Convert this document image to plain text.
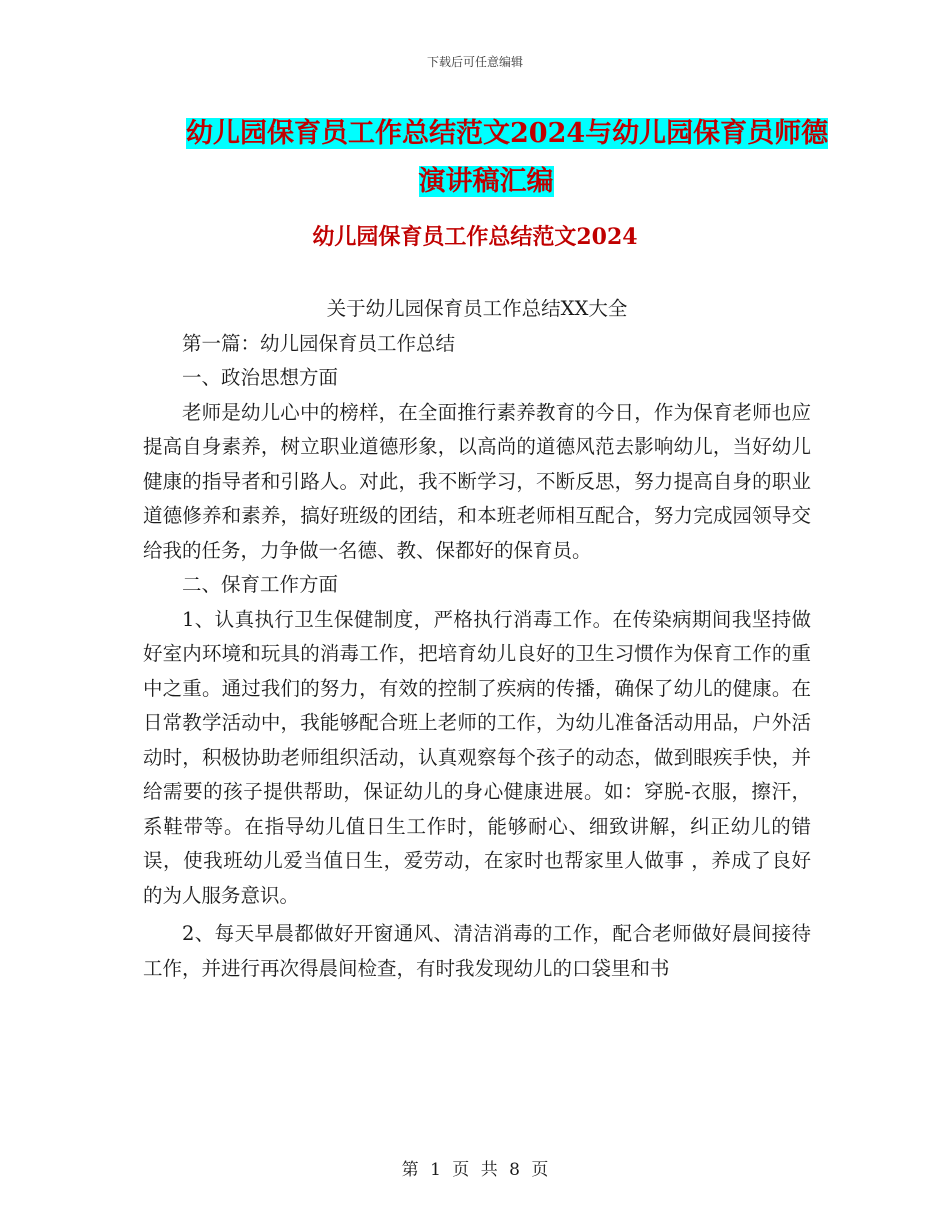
下载后可任意编辑
幼儿园保育员工作总结范文2024与幼儿园保育员师德
演讲稿汇编
幼儿园保育员工作总结范文2024

关于幼儿园保育员工作总结XX大全

第一篇：幼儿园保育员工作总结

一、政治思想方面

老师是幼儿心中的榜样，在全面推行素养教育的今日，作为保育老师也应提高自身素养，树立职业道德形象，以高尚的道德风范去影响幼儿，当好幼儿健康的指导者和引路人。对此，我不断学习，不断反思，努力提高自身的职业道德修养和素养，搞好班级的团结，和本班老师相互配合，努力完成园领导交给我的任务，力争做一名德、教、保都好的保育员。

二、保育工作方面

1、认真执行卫生保健制度，严格执行消毒工作。在传染病期间我坚持做好室内环境和玩具的消毒工作，把培育幼儿良好的卫生习惯作为保育工作的重中之重。通过我们的努力，有效的控制了疾病的传播，确保了幼儿的健康。在日常教学活动中，我能够配合班上老师的工作，为幼儿准备活动用品，户外活动时，积极协助老师组织活动，认真观察每个孩子的动态，做到眼疾手快，并给需要的孩子提供帮助，保证幼儿的身心健康进展。如：穿脱-衣服，擦汗，系鞋带等。在指导幼儿值日生工作时，能够耐心、细致讲解，纠正幼儿的错误，使我班幼儿爱当值日生，爱劳动，在家时也帮家里人做事 ，养成了良好的为人服务意识。

2、每天早晨都做好开窗通风、清洁消毒的工作，配合老师做好晨间接待工作，并进行再次得晨间检查，有时我发现幼儿的口袋里和书

第 1 页 共 8 页
